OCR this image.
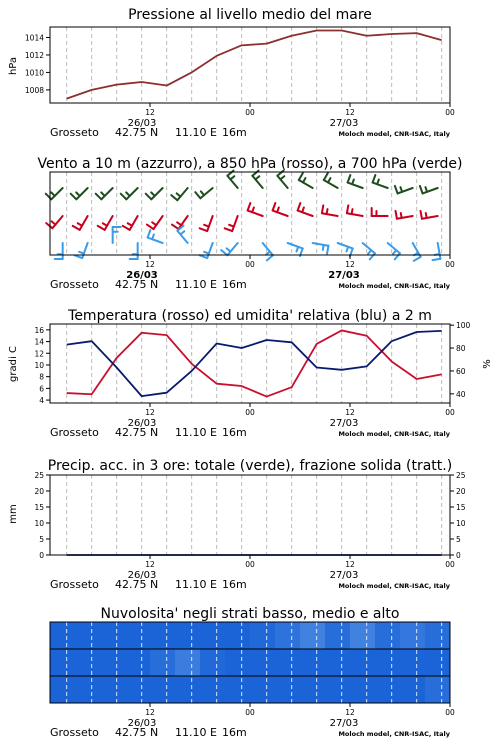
Pressione al livello medio del mare
Vento a 10 m (azzurro), a 850 hPa (rosso), a 700 hPa (verde)
Temperatura (rosso) ed umidita' relativa (blu) a 2 m
Precip. acc. in 3 ore: totale (verde), frazione solida (tratt.)
Nuvolosita' negli strati basso, medio e alto
hPa
gradi C	%
mm
1008
1010
1012
1014
12	00	12	00
26/03	27/03
Grosseto 42.75 N 11.10 E 16m	Moloch model, CNR-ISAC, Italy
12	00	12	00
26/03	27/03
Grosseto 42.75 N 11.10 E 16m	Moloch model, CNR-ISAC, Italy
4
6
8
10
12
14
16
40
60
80
100
12	00	12	00
26/03	27/03
Grosseto 42.75 N 11.10 E 16m	Moloch model, CNR-ISAC, Italy
0
5
10
15
20
25
0
5
10
15
20
25
12	00	12	00
26/03	27/03
Grosseto 42.75 N 11.10 E 16m	Moloch model, CNR-ISAC, Italy
12	00	12	00
26/03	27/03
Grosseto 42.75 N 11.10 E 16m	Moloch model, CNR-ISAC, Italy
